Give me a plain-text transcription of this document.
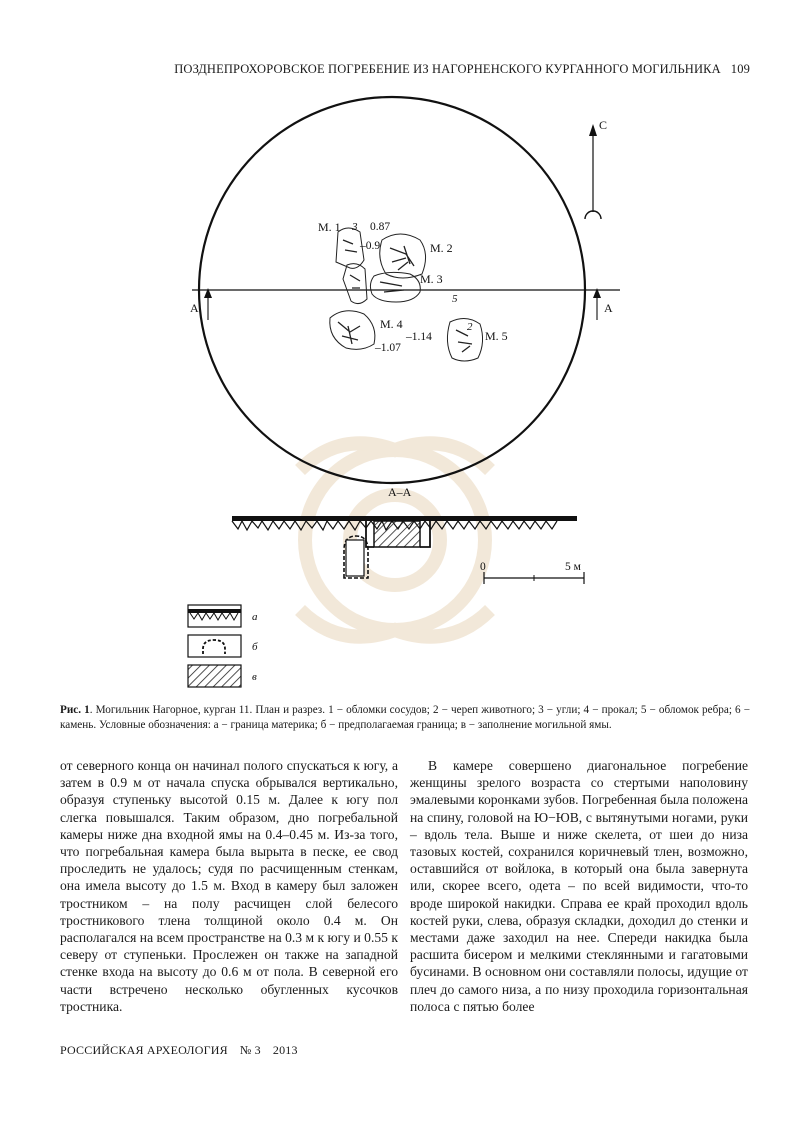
ПОЗДНЕПРОХОРОВСКОЕ ПОГРЕБЕНИЕ ИЗ НАГОРНЕНСКОГО КУРГАННОГО МОГИЛЬНИКА 109
А	А
С
М. 1 3 0.87
–0.9	М. 2
М. 3
5
М. 4
–1.07
–1.14
2
М. 5
А–А
0	5 м
а
б
в
Рис. 1. Могильник Нагорное, курган 11. План и разрез. 1 − обломки сосудов; 2 − череп животного; 3 − угли; 4 − прокал; 5 − обломок ребра; 6 − камень. Условные обозначения: а − граница материка; б − предполагаемая граница; в − заполнение могильной ямы.
от северного конца он начинал полого спускаться к югу, а затем в 0.9 м от начала спуска обрывался вертикально, образуя ступеньку высотой 0.15 м. Далее к югу пол слегка повышался. Таким образом, дно погребальной камеры ниже дна входной ямы на 0.4–0.45 м. Из-за того, что погребальная камера была вырыта в песке, ее свод проследить не удалось; судя по расчищенным стенкам, она имела высоту до 1.5 м. Вход в камеру был заложен тростником – на полу расчищен слой белесого тростникового тлена толщиной около 0.4 м. Он располагался на всем пространстве на 0.3 м к югу и 0.55 к северу от ступеньки. Прослежен он также на западной стенке входа на высоту до 0.6 м от пола. В северной его части встречено несколько обугленных кусочков тростника.
В камере совершено диагональное погребение женщины зрелого возраста со стертыми наполовину эмалевыми коронками зубов. Погребенная была положена на спину, головой на Ю−ЮВ, с вытянутыми ногами, руки – вдоль тела. Выше и ниже скелета, от шеи до низа тазовых костей, сохранился коричневый тлен, возможно, оставшийся от войлока, в который она была завернута или, скорее всего, одета – по всей видимости, что-то вроде широкой накидки. Справа ее край проходил вдоль костей руки, слева, образуя складки, доходил до стенки и местами даже заходил на нее. Спереди накидка была расшита бисером и мелкими стеклянными и гагатовыми бусинами. В основном они составляли полосы, идущие от плеч до самого низа, а по низу проходила горизонтальная полоса с пятью более
РОССИЙСКАЯ АРХЕОЛОГИЯ № 3 2013
